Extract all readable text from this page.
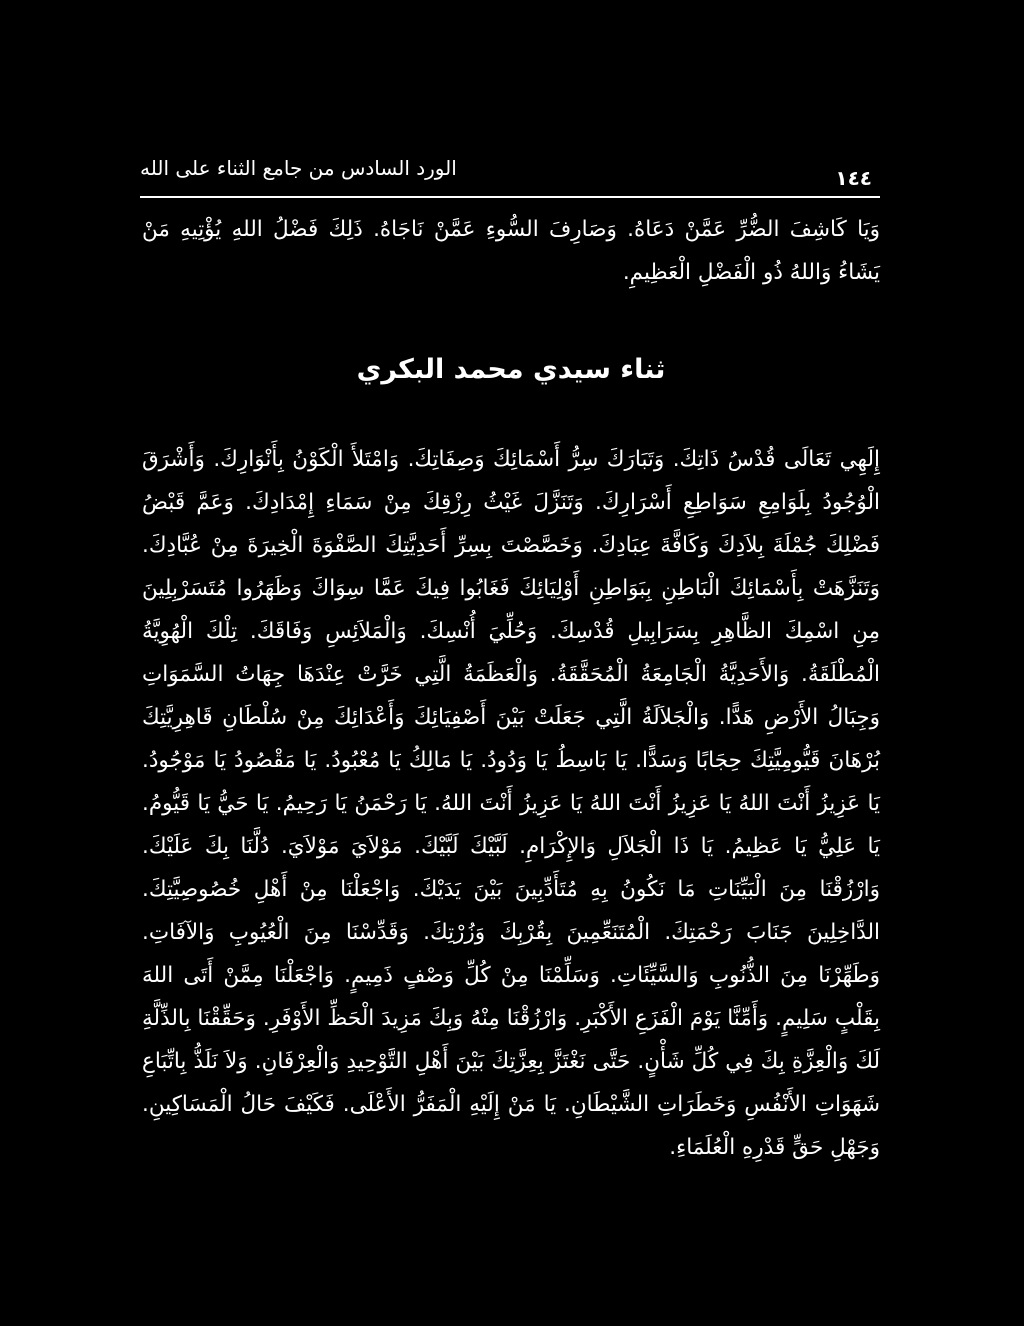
الورد السادس من جامع الثناء على الله	١٤٤

وَيَا كَاشِفَ الضُّرِّ عَمَّنْ دَعَاهُ. وَصَارِفَ السُّوءِ عَمَّنْ نَاجَاهُ. ذَلِكَ فَضْلُ اللهِ يُؤْتِيهِ مَنْ يَشَاءُ وَاللهُ ذُو الْفَضْلِ الْعَظِيمِ.

ثناء سيدي محمد البكري

إِلَهِي تَعَالَى قُدْسُ ذَاتِكَ. وَتَبَارَكَ سِرُّ أَسْمَائِكَ وَصِفَاتِكَ. وَامْتَلأَ الْكَوْنُ بِأَنْوَارِكَ. وَأَشْرَقَ الْوُجُودُ بِلَوَامِعِ سَوَاطِعِ أَسْرَارِكَ. وَتَنَزَّلَ غَيْثُ رِزْقِكَ مِنْ سَمَاءِ إِمْدَادِكَ. وَعَمَّ قَبْضُ فَضْلِكَ جُمْلَةَ بِلاَدِكَ وَكَافَّةَ عِبَادِكَ. وَخَصَّصْتَ بِسِرِّ أَحَدِيَّتِكَ الصَّفْوَةَ الْخِيرَةَ مِنْ عُبَّادِكَ. وَتَنَزَّهَتْ بِأَسْمَائِكَ الْبَاطِنِ بِبَوَاطِنِ أَوْلِيَائِكَ فَغَابُوا فِيكَ عَمَّا سِوَاكَ وَظَهَرُوا مُتَسَرْبِلِينَ مِنِ اسْمِكَ الظَّاهِرِ بِسَرَابِيلِ قُدْسِكَ. وَحُلِّيَ أُنْسِكَ. وَالْمَلاَئِسِ وَفَاقَكَ. تِلْكَ الْهُوِيَّةُ الْمُطْلَقَةُ. وَالأَحَدِيَّةُ الْجَامِعَةُ الْمُحَقَّقَةُ. وَالْعَظَمَةُ الَّتِي خَرَّتْ عِنْدَهَا جِهَاتُ السَّمَوَاتِ وَجِبَالُ الأَرْضِ هَدًّا. وَالْجَلاَلَةُ الَّتِي جَعَلَتْ بَيْنَ أَصْفِيَائِكَ وَأَعْدَائِكَ مِنْ سُلْطَانِ قَاهِرِيَّتِكَ بُرْهَانَ قَيُّومِيَّتِكَ حِجَابًا وَسَدًّا. يَا بَاسِطُ يَا وَدُودُ. يَا مَالِكُ يَا مُعْبُودُ. يَا مَقْصُودُ يَا مَوْجُودُ. يَا عَزِيزُ أَنْتَ اللهُ يَا عَزِيزُ أَنْتَ اللهُ يَا عَزِيزُ أَنْتَ اللهُ. يَا رَحْمَنُ يَا رَحِيمُ. يَا حَيُّ يَا قَيُّومُ. يَا عَلِيُّ يَا عَظِيمُ. يَا ذَا الْجَلاَلِ وَالإِكْرَامِ. لَبَّيْكَ لَبَّيْكَ. مَوْلاَيَ مَوْلاَيَ. دُلَّنَا بِكَ عَلَيْكَ. وَارْزُقْنَا مِنَ الْبَيِّنَاتِ مَا نَكُونُ بِهِ مُتَأَدِّبِينَ بَيْنَ يَدَيْكَ. وَاجْعَلْنَا مِنْ أَهْلِ خُصُوصِيَّتِكَ. الدَّاخِلِينَ جَنَابَ رَحْمَتِكَ. الْمُتَنَعِّمِينَ بِقُرْبِكَ وَزُرْتِكَ. وَقَدِّسْنَا مِنَ الْعُيُوبِ وَالآفَاتِ. وَطَهِّرْنَا مِنَ الذُّنُوبِ وَالسَّيِّئَاتِ. وَسَلِّمْنَا مِنْ كُلِّ وَصْفٍ ذَمِيمٍ. وَاجْعَلْنَا مِمَّنْ أَتَى اللهَ بِقَلْبٍ سَلِيمٍ. وَأَمِّنَّا يَوْمَ الْفَزَعِ الأَكْبَرِ. وَارْزُقْنَا مِنْهُ وَبِكَ مَزِيدَ الْحَظِّ الأَوْفَرِ. وَحَقِّقْنَا بِالذِّلَّةِ لَكَ وَالْعِزَّةِ بِكَ فِي كُلِّ شَأْنٍ. حَتَّى نَغْتَزَّ بِعِزَّتِكَ بَيْنَ أَهْلِ التَّوْحِيدِ وَالْعِرْفَانِ. وَلاَ نَلَذُّ بِاتِّبَاعِ شَهَوَاتِ الأَنْفُسِ وَخَطَرَاتِ الشَّيْطَانِ. يَا مَنْ إِلَيْهِ الْمَفَرُّ الأَعْلَى. فَكَيْفَ حَالُ الْمَسَاكِينِ. وَجَهْلِ حَقٍّ قَدْرِهِ الْعُلَمَاءِ.
